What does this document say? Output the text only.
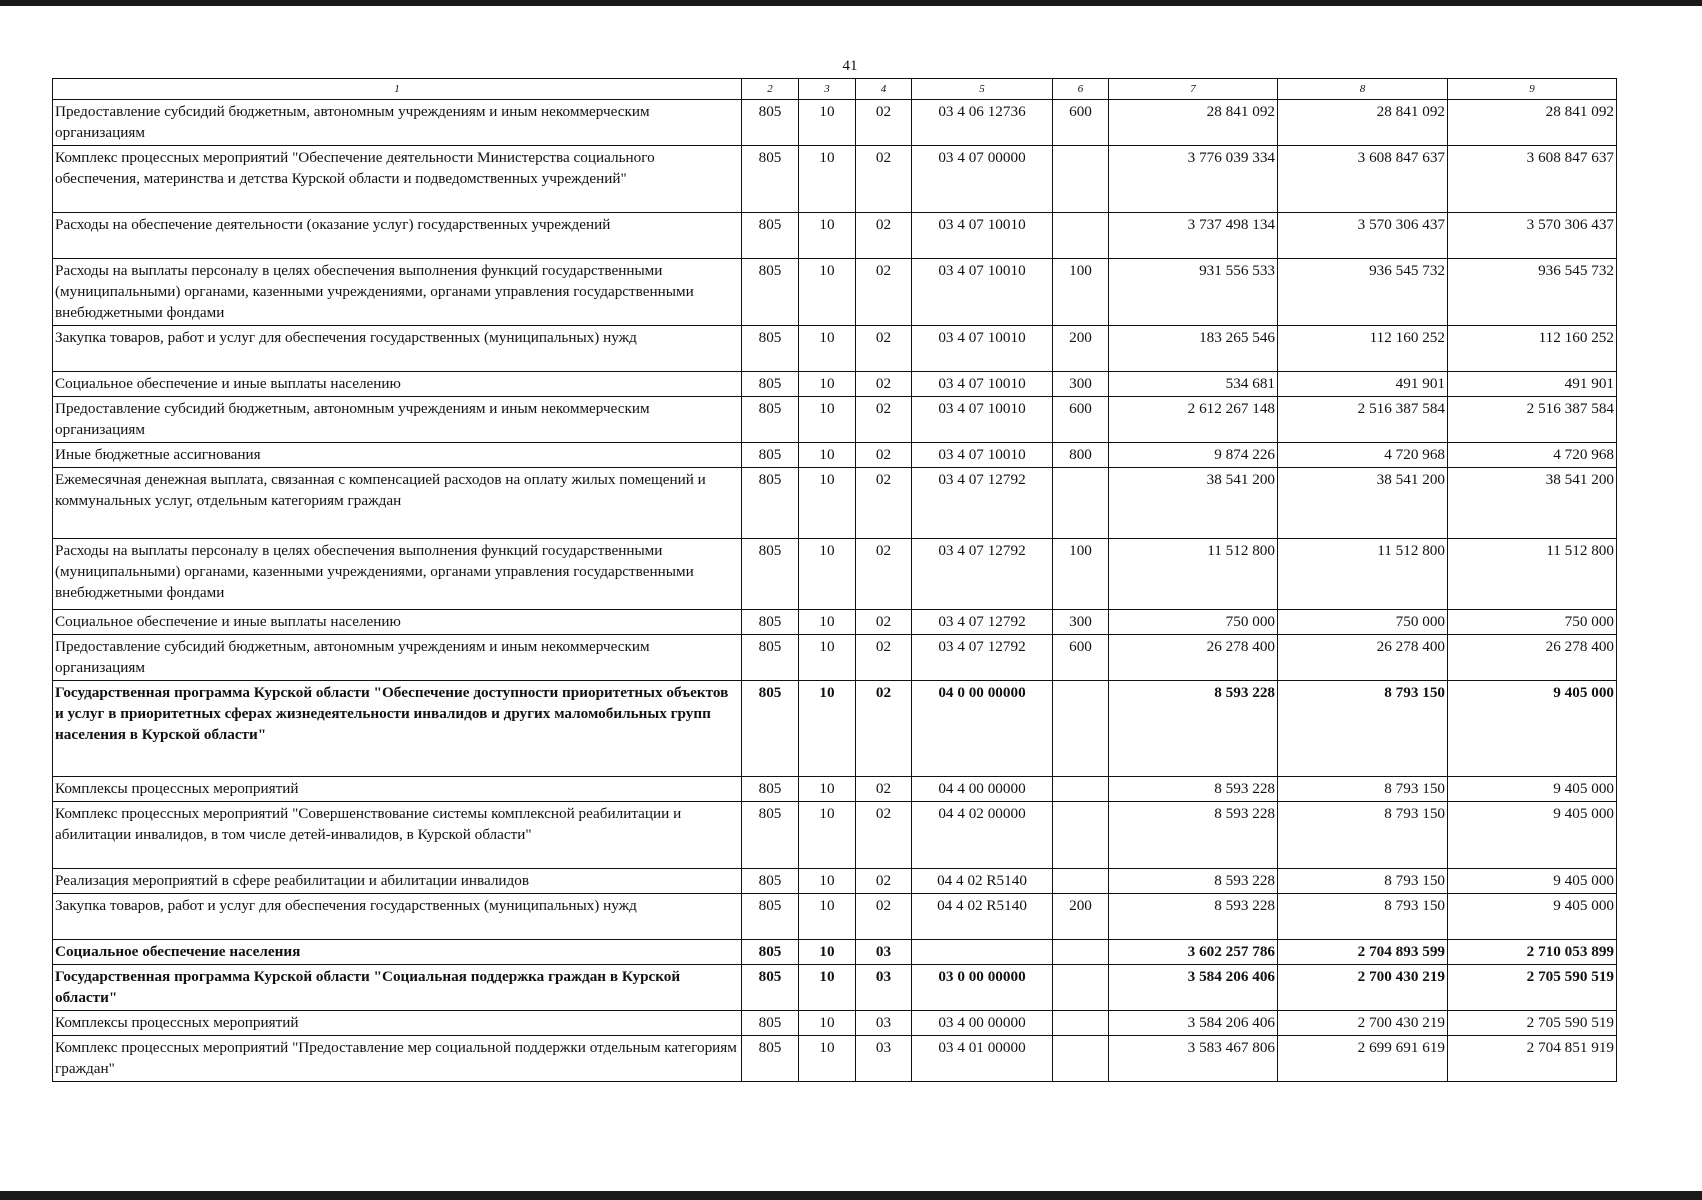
41
1	2	3	4	5	6	7	8	9
Предоставление субсидий бюджетным, автономным учреждениям и иным некоммерческим организациям	805	10	02	03 4 06 12736	600	28 841 092	28 841 092	28 841 092
Комплекс процессных мероприятий "Обеспечение деятельности Министерства социального обеспечения, материнства и детства Курской области и подведомственных учреждений"	805	10	02	03 4 07 00000		3 776 039 334	3 608 847 637	3 608 847 637
Расходы на обеспечение деятельности (оказание услуг) государственных учреждений	805	10	02	03 4 07 10010		3 737 498 134	3 570 306 437	3 570 306 437
Расходы на выплаты персоналу в целях обеспечения выполнения функций государственными (муниципальными) органами, казенными учреждениями, органами управления государственными внебюджетными фондами	805	10	02	03 4 07 10010	100	931 556 533	936 545 732	936 545 732
Закупка товаров, работ и услуг для обеспечения государственных (муниципальных) нужд	805	10	02	03 4 07 10010	200	183 265 546	112 160 252	112 160 252
Социальное обеспечение и иные выплаты населению	805	10	02	03 4 07 10010	300	534 681	491 901	491 901
Предоставление субсидий бюджетным, автономным учреждениям и иным некоммерческим организациям	805	10	02	03 4 07 10010	600	2 612 267 148	2 516 387 584	2 516 387 584
Иные бюджетные ассигнования	805	10	02	03 4 07 10010	800	9 874 226	4 720 968	4 720 968
Ежемесячная денежная выплата, связанная с компенсацией расходов на оплату жилых помещений и коммунальных услуг, отдельным категориям граждан	805	10	02	03 4 07 12792		38 541 200	38 541 200	38 541 200
Расходы на выплаты персоналу в целях обеспечения выполнения функций государственными (муниципальными) органами, казенными учреждениями, органами управления государственными внебюджетными фондами	805	10	02	03 4 07 12792	100	11 512 800	11 512 800	11 512 800
Социальное обеспечение и иные выплаты населению	805	10	02	03 4 07 12792	300	750 000	750 000	750 000
Предоставление субсидий бюджетным, автономным учреждениям и иным некоммерческим организациям	805	10	02	03 4 07 12792	600	26 278 400	26 278 400	26 278 400
Государственная программа Курской области "Обеспечение доступности приоритетных объектов и услуг в приоритетных сферах жизнедеятельности инвалидов и других маломобильных групп населения в Курской области"	805	10	02	04 0 00 00000		8 593 228	8 793 150	9 405 000
Комплексы процессных мероприятий	805	10	02	04 4 00 00000		8 593 228	8 793 150	9 405 000
Комплекс процессных мероприятий "Совершенствование системы комплексной реабилитации и абилитации инвалидов, в том числе детей-инвалидов, в Курской области"	805	10	02	04 4 02 00000		8 593 228	8 793 150	9 405 000
Реализация мероприятий в сфере реабилитации и абилитации инвалидов	805	10	02	04 4 02 R5140		8 593 228	8 793 150	9 405 000
Закупка товаров, работ и услуг для обеспечения государственных (муниципальных) нужд	805	10	02	04 4 02 R5140	200	8 593 228	8 793 150	9 405 000
Социальное обеспечение населения	805	10	03			3 602 257 786	2 704 893 599	2 710 053 899
Государственная программа Курской области "Социальная поддержка граждан в Курской области"	805	10	03	03 0 00 00000		3 584 206 406	2 700 430 219	2 705 590 519
Комплексы процессных мероприятий	805	10	03	03 4 00 00000		3 584 206 406	2 700 430 219	2 705 590 519
Комплекс процессных мероприятий "Предоставление мер социальной поддержки отдельным категориям граждан"	805	10	03	03 4 01 00000		3 583 467 806	2 699 691 619	2 704 851 919
